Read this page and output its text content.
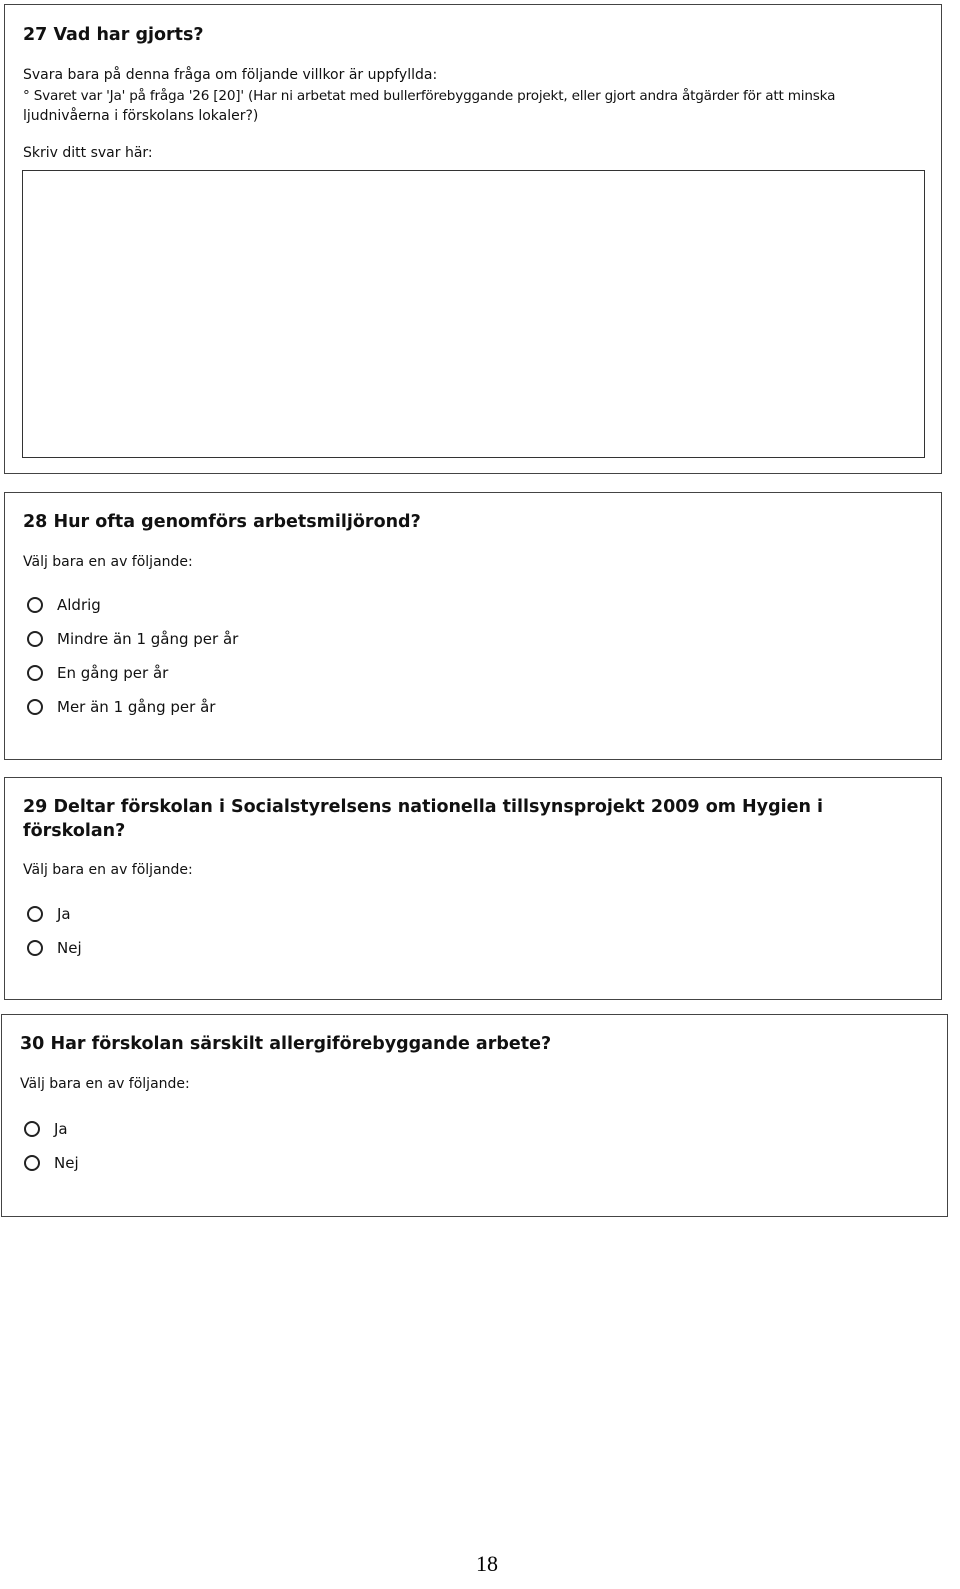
27 Vad har gjorts?
Svara bara på denna fråga om följande villkor är uppfyllda:
° Svaret var 'Ja' på fråga '26 [20]' (Har ni arbetat med bullerförebyggande projekt, eller gjort andra åtgärder för att minska
ljudnivåerna i förskolans lokaler?)
Skriv ditt svar här:
28 Hur ofta genomförs arbetsmiljörond?
Välj bara en av följande:
Aldrig
Mindre än 1 gång per år
En gång per år
Mer än 1 gång per år
29 Deltar förskolan i Socialstyrelsens nationella tillsynsprojekt 2009 om Hygien i
förskolan?
Välj bara en av följande:
Ja
Nej
30 Har förskolan särskilt allergiförebyggande arbete?
Välj bara en av följande:
Ja
Nej
18
